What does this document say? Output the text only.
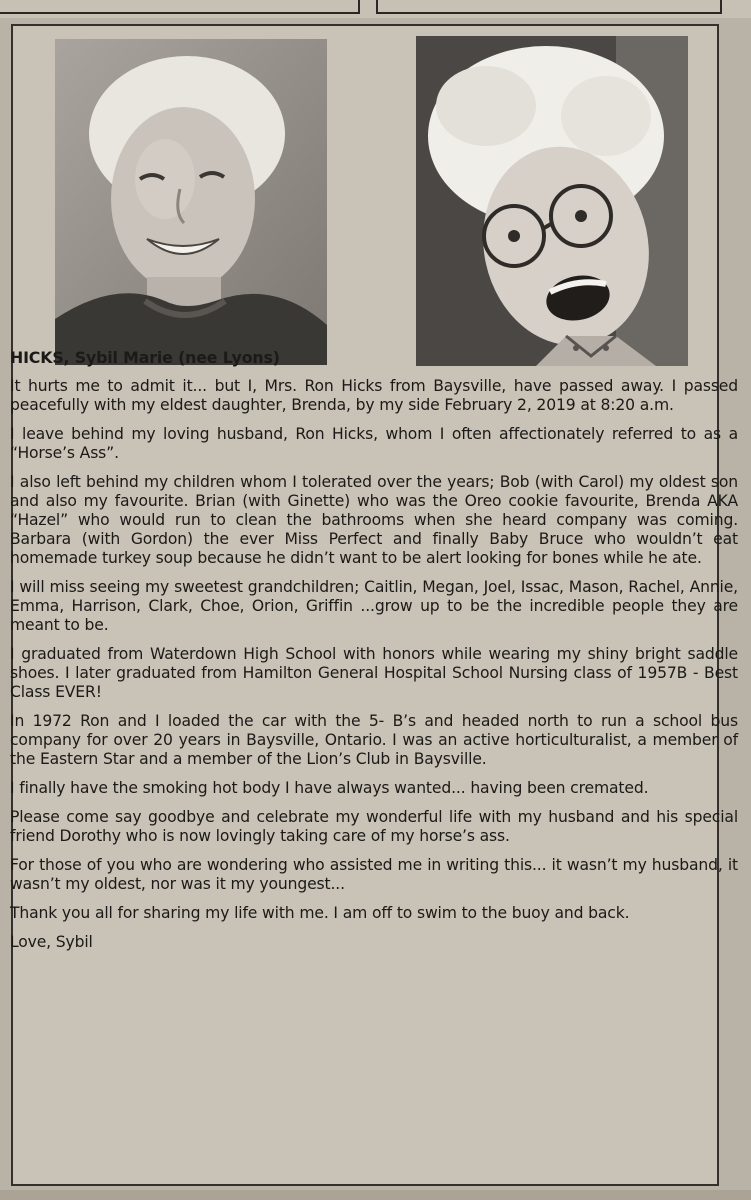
HICKS, Sybil Marie (nee Lyons)

It hurts me to admit it... but I, Mrs. Ron Hicks from Baysville, have passed away. I passed peacefully with my eldest daughter, Brenda, by my side February 2, 2019 at 8:20 a.m.

I leave behind my loving husband, Ron Hicks, whom I often affectionately referred to as a “Horse’s Ass”.

I also left behind my children whom I tolerated over the years; Bob (with Carol) my oldest son and also my favourite. Brian (with Ginette) who was the Oreo cookie favourite, Brenda AKA “Hazel” who would run to clean the bathrooms when she heard company was coming. Barbara (with Gordon) the ever Miss Perfect and finally Baby Bruce who wouldn’t eat homemade turkey soup because he didn’t want to be alert looking for bones while he ate.

I will miss seeing my sweetest grandchildren; Caitlin, Megan, Joel, Issac, Mason, Rachel, Annie, Emma, Harrison, Clark, Choe, Orion, Griffin ...grow up to be the incredible people they are meant to be.

I graduated from Waterdown High School with honors while wearing my shiny bright saddle shoes. I later graduated from Hamilton General Hospital School Nursing class of 1957B - Best Class EVER!

In 1972 Ron and I loaded the car with the 5- B’s and headed north to run a school bus company for over 20 years in Baysville, Ontario. I was an active horticulturalist, a member of the Eastern Star and a member of the Lion’s Club in Baysville.

I finally have the smoking hot body I have always wanted... having been cremated.

Please come say goodbye and celebrate my wonderful life with my husband and his special friend Dorothy who is now lovingly taking care of my horse’s ass.

For those of you who are wondering who assisted me in writing this... it wasn’t my husband, it wasn’t my oldest, nor was it my youngest...

Thank you all for sharing my life with me. I am off to swim to the buoy and back.

Love, Sybil
